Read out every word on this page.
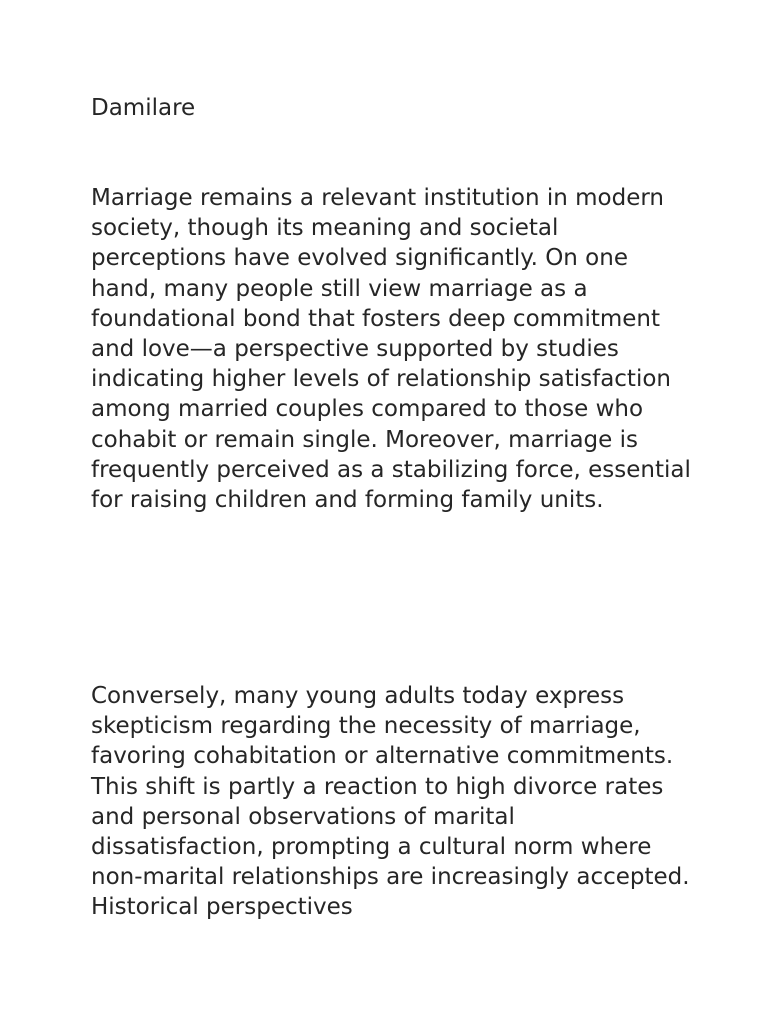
Damilare

Marriage remains a relevant institution in modern society, though its meaning and societal perceptions have evolved significantly. On one hand, many people still view marriage as a foundational bond that fosters deep commitment and love—a perspective supported by studies indicating higher levels of relationship satisfaction among married couples compared to those who cohabit or remain single. Moreover, marriage is frequently perceived as a stabilizing force, essential for raising children and forming family units.

Conversely, many young adults today express skepticism regarding the necessity of marriage, favoring cohabitation or alternative commitments. This shift is partly a reaction to high divorce rates and personal observations of marital dissatisfaction, prompting a cultural norm where non-marital relationships are increasingly accepted. Historical perspectives
